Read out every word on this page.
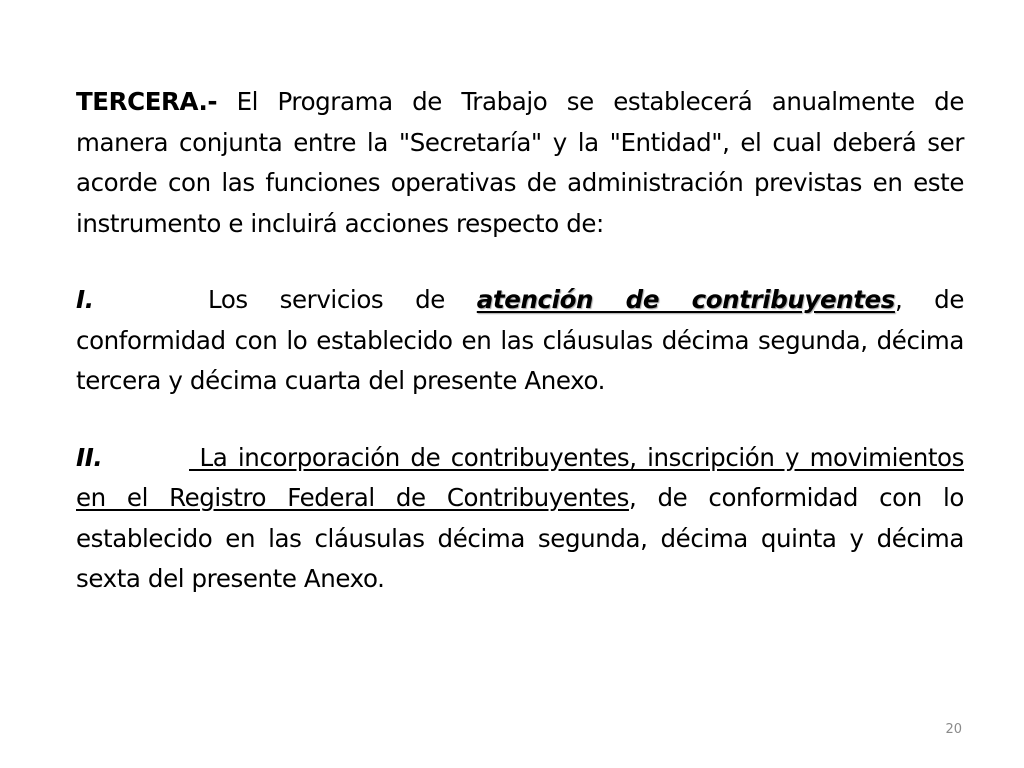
TERCERA.- El Programa de Trabajo se establecerá anualmente de manera conjunta entre la "Secretaría" y la "Entidad", el cual deberá ser acorde con las funciones operativas de administración previstas en este instrumento e incluirá acciones respecto de:

I.	Los servicios de atención de contribuyentes, de conformidad con lo establecido en las cláusulas décima segunda, décima tercera y décima cuarta del presente Anexo.

II.	La incorporación de contribuyentes, inscripción y movimientos en el Registro Federal de Contribuyentes, de conformidad con lo establecido en las cláusulas décima segunda, décima quinta y décima sexta del presente Anexo.

20
